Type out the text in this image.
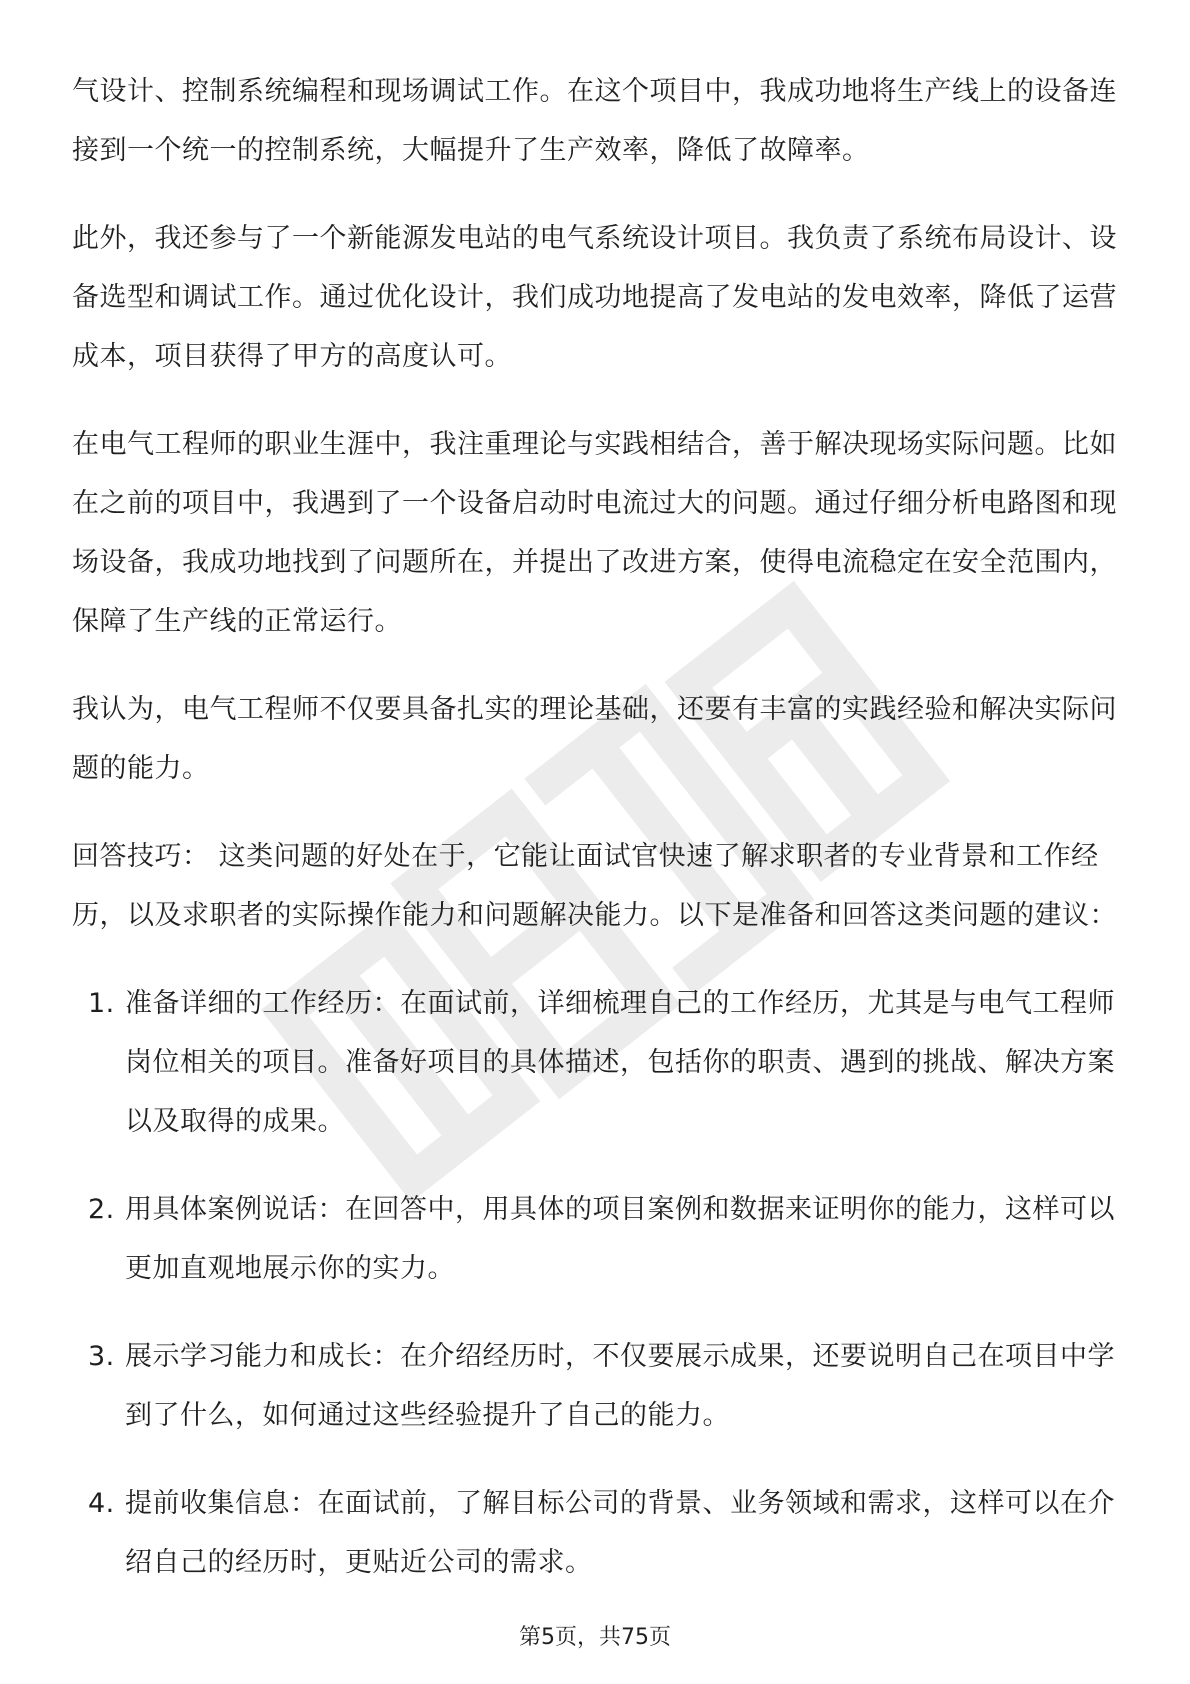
气设计、控制系统编程和现场调试工作。在这个项目中，我成功地将生产线上的设备连接到一个统一的控制系统，大幅提升了生产效率，降低了故障率。

此外，我还参与了一个新能源发电站的电气系统设计项目。我负责了系统布局设计、设备选型和调试工作。通过优化设计，我们成功地提高了发电站的发电效率，降低了运营成本，项目获得了甲方的高度认可。

在电气工程师的职业生涯中，我注重理论与实践相结合，善于解决现场实际问题。比如在之前的项目中，我遇到了一个设备启动时电流过大的问题。通过仔细分析电路图和现场设备，我成功地找到了问题所在，并提出了改进方案，使得电流稳定在安全范围内，保障了生产线的正常运行。

我认为，电气工程师不仅要具备扎实的理论基础，还要有丰富的实践经验和解决实际问题的能力。

回答技巧： 这类问题的好处在于，它能让面试官快速了解求职者的专业背景和工作经历，以及求职者的实际操作能力和问题解决能力。以下是准备和回答这类问题的建议：

1. 准备详细的工作经历：在面试前，详细梳理自己的工作经历，尤其是与电气工程师岗位相关的项目。准备好项目的具体描述，包括你的职责、遇到的挑战、解决方案以及取得的成果。
2. 用具体案例说话：在回答中，用具体的项目案例和数据来证明你的能力，这样可以更加直观地展示你的实力。
3. 展示学习能力和成长：在介绍经历时，不仅要展示成果，还要说明自己在项目中学到了什么，如何通过这些经验提升了自己的能力。
4. 提前收集信息：在面试前，了解目标公司的背景、业务领域和需求，这样可以在介绍自己的经历时，更贴近公司的需求。
第5页，共75页
